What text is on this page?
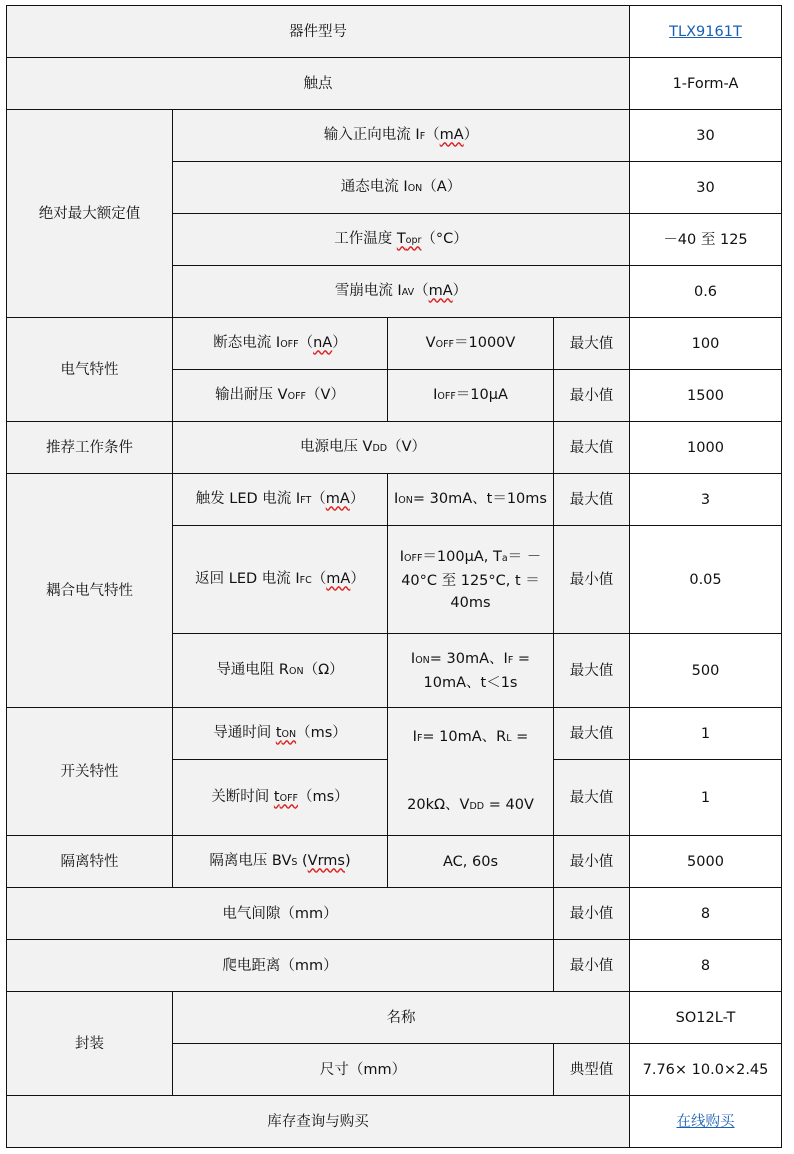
器件型号				TLX9161T
触点				1-Form-A
绝对最大额定值	输入正向电流 IF（mA）			30
	通态电流 ION（A）			30
	工作温度 Topr（°C）			－40 至 125
	雪崩电流 IAV（mA）			0.6
电气特性	断态电流 IOFF（nA）	VOFF＝1000V	最大值	100
	输出耐压 VOFF（V）	IOFF＝10μA	最小值	1500
推荐工作条件	电源电压 VDD（V）		最大值	1000
耦合电气特性	触发 LED 电流 IFT（mA）	ION= 30mA、t＝10ms	最大值	3
	返回 LED 电流 IFC（mA）	IOFF＝100μA, Ta＝ －
40°C 至 125°C, t ＝
40ms	最小值	0.05
	导通电阻 RON（Ω）	ION= 30mA、IF =
10mA、t＜1s	最大值	500
开关特性	导通时间 tON（ms）	IF= 10mA、RL =
20kΩ、VDD = 40V	最大值	1
	关断时间 tOFF（ms）		最大值	1
隔离特性	隔离电压 BVS (Vrms)	AC, 60s	最小值	5000
电气间隙（mm）			最小值	8
爬电距离（mm）			最小值	8
封装	名称			SO12L-T
	尺寸（mm）		典型值	7.76× 10.0×2.45
库存查询与购买				在线购买
